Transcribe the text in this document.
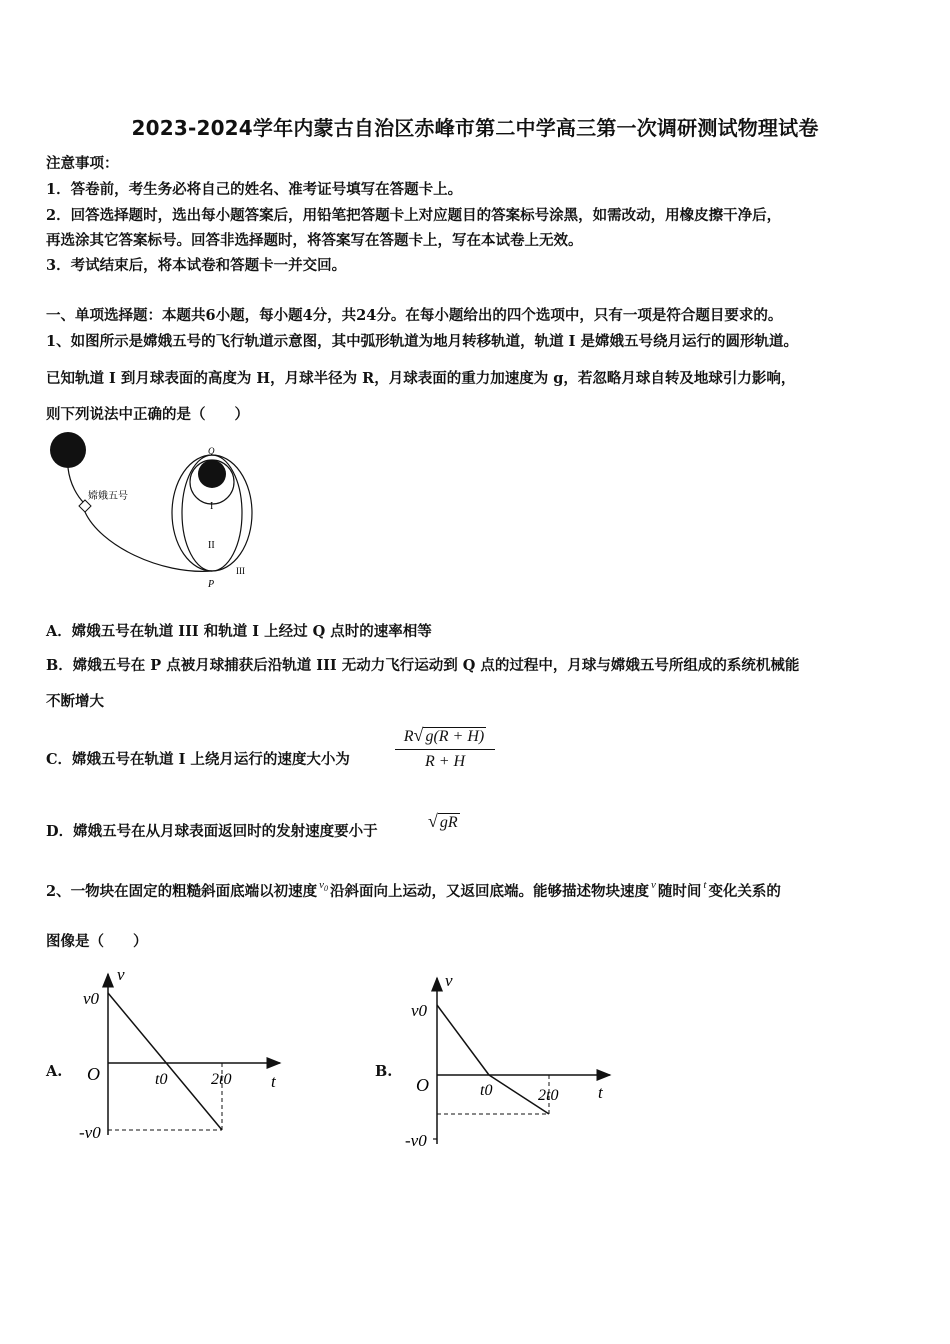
2023-2024学年内蒙古自治区赤峰市第二中学高三第一次调研测试物理试卷
注意事项：
1．答卷前，考生务必将自己的姓名、准考证号填写在答题卡上。
2．回答选择题时，选出每小题答案后，用铅笔把答题卡上对应题目的答案标号涂黑，如需改动，用橡皮擦干净后，
再选涂其它答案标号。回答非选择题时，将答案写在答题卡上，写在本试卷上无效。
3．考试结束后，将本试卷和答题卡一并交回。
一、单项选择题：本题共6小题，每小题4分，共24分。在每小题给出的四个选项中，只有一项是符合题目要求的。
1、如图所示是嫦娥五号的飞行轨道示意图，其中弧形轨道为地月转移轨道，轨道 I 是嫦娥五号绕月运行的圆形轨道。
已知轨道 I 到月球表面的高度为 H，月球半径为 R，月球表面的重力加速度为 g，若忽略月球自转及地球引力影响，
则下列说法中正确的是（　　）
嫦娥五号
Q
P
I
II
III
A．嫦娥五号在轨道 III 和轨道 I 上经过 Q 点时的速率相等
B．嫦娥五号在 P 点被月球捕获后沿轨道 III 无动力飞行运动到 Q 点的过程中，月球与嫦娥五号所组成的系统机械能
不断增大
C．嫦娥五号在轨道 I 上绕月运行的速度大小为	$\frac{R√ g(R + H)}{R + H}$
D．嫦娥五号在从月球表面返回时的发射速度要小于
√ gR
2、一物块在固定的粗糙斜面底端以初速度 $^{v_0}$ 沿斜面向上运动，又返回底端。能够描述物块速度 $^v$ 随时间 $^t$ 变化关系的
图像是（　　）
A.
v
t
O
v0
-v0
t0	2t0	B.
v
t
O
v0
-v0
t0	2t0
